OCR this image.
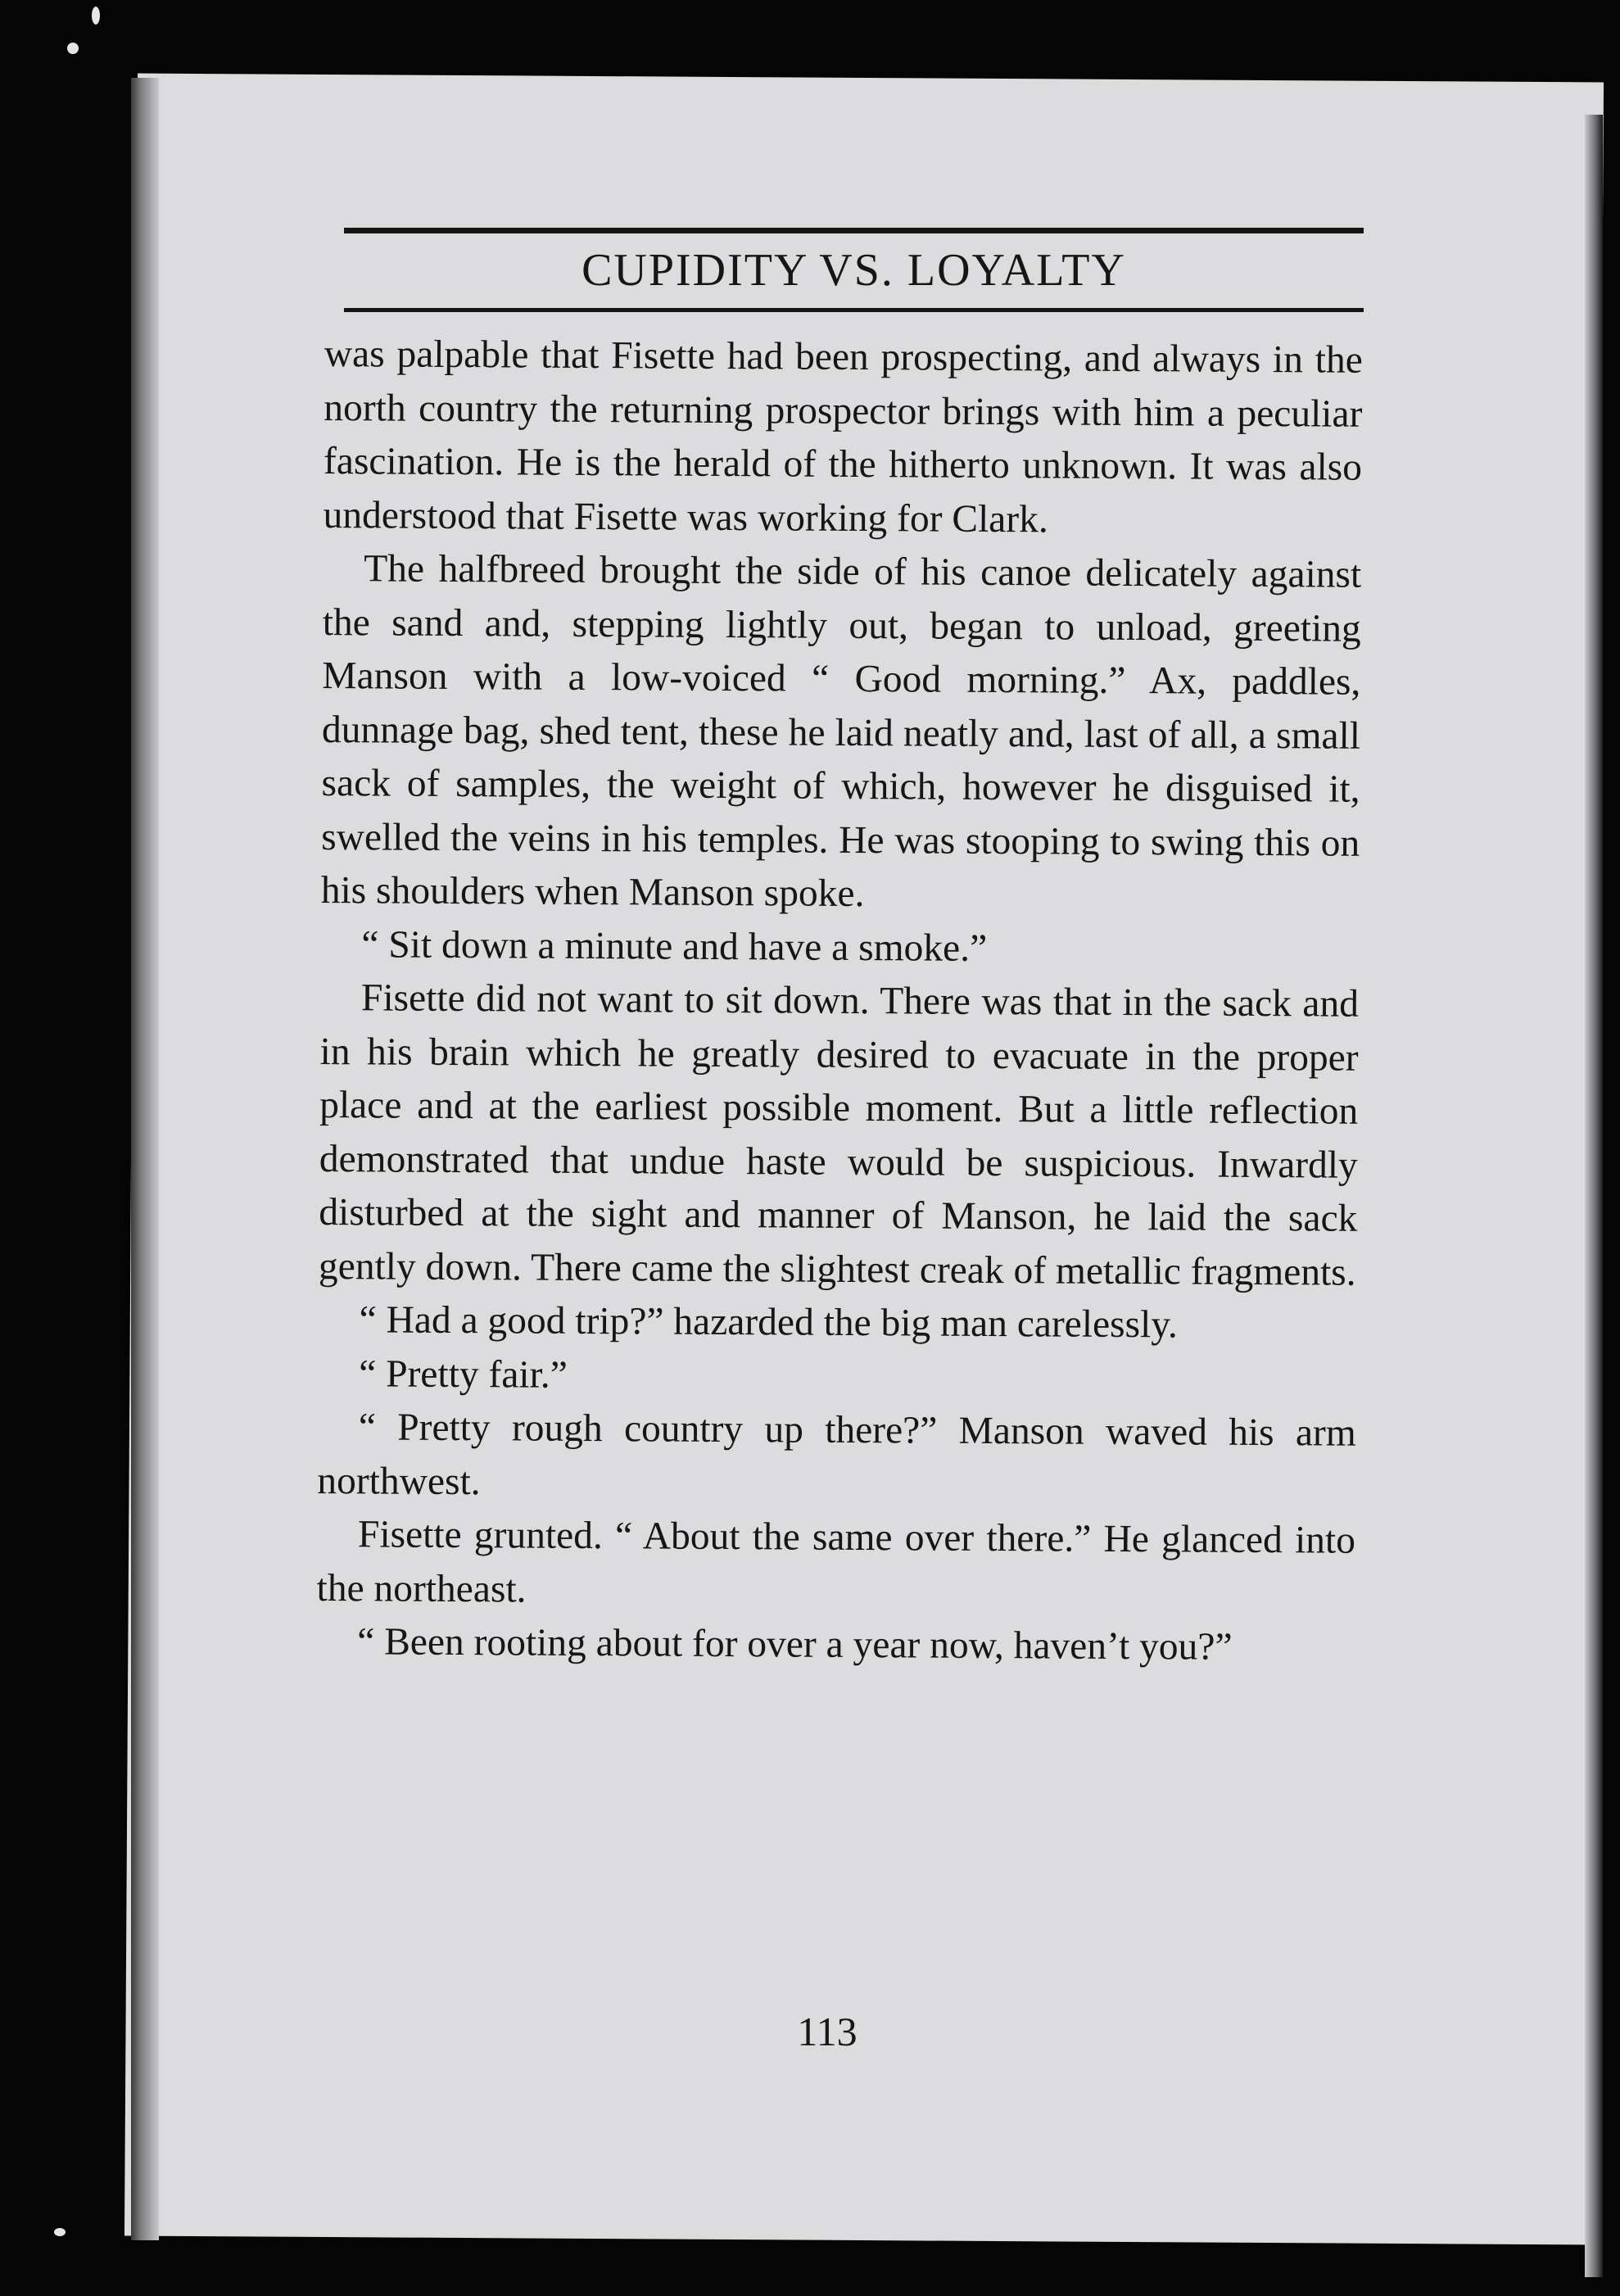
CUPIDITY VS. LOYALTY

was palpable that Fisette had been prospecting, and always in the north country the returning prospector brings with him a peculiar fascination. He is the herald of the hitherto unknown. It was also understood that Fisette was working for Clark.

The halfbreed brought the side of his canoe delicately against the sand and, stepping lightly out, began to unload, greeting Manson with a low-voiced “ Good morning.” Ax, paddles, dunnage bag, shed tent, these he laid neatly and, last of all, a small sack of samples, the weight of which, however he disguised it, swelled the veins in his temples. He was stooping to swing this on his shoulders when Manson spoke.

“ Sit down a minute and have a smoke.”

Fisette did not want to sit down. There was that in the sack and in his brain which he greatly desired to evacuate in the proper place and at the earliest possible moment. But a little reflection demonstrated that undue haste would be suspicious. Inwardly disturbed at the sight and manner of Manson, he laid the sack gently down. There came the slightest creak of metallic fragments.

“ Had a good trip?” hazarded the big man carelessly.

“ Pretty fair.”

“ Pretty rough country up there?” Manson waved his arm northwest.

Fisette grunted. “ About the same over there.” He glanced into the northeast.

“ Been rooting about for over a year now, haven’t you?”

113
